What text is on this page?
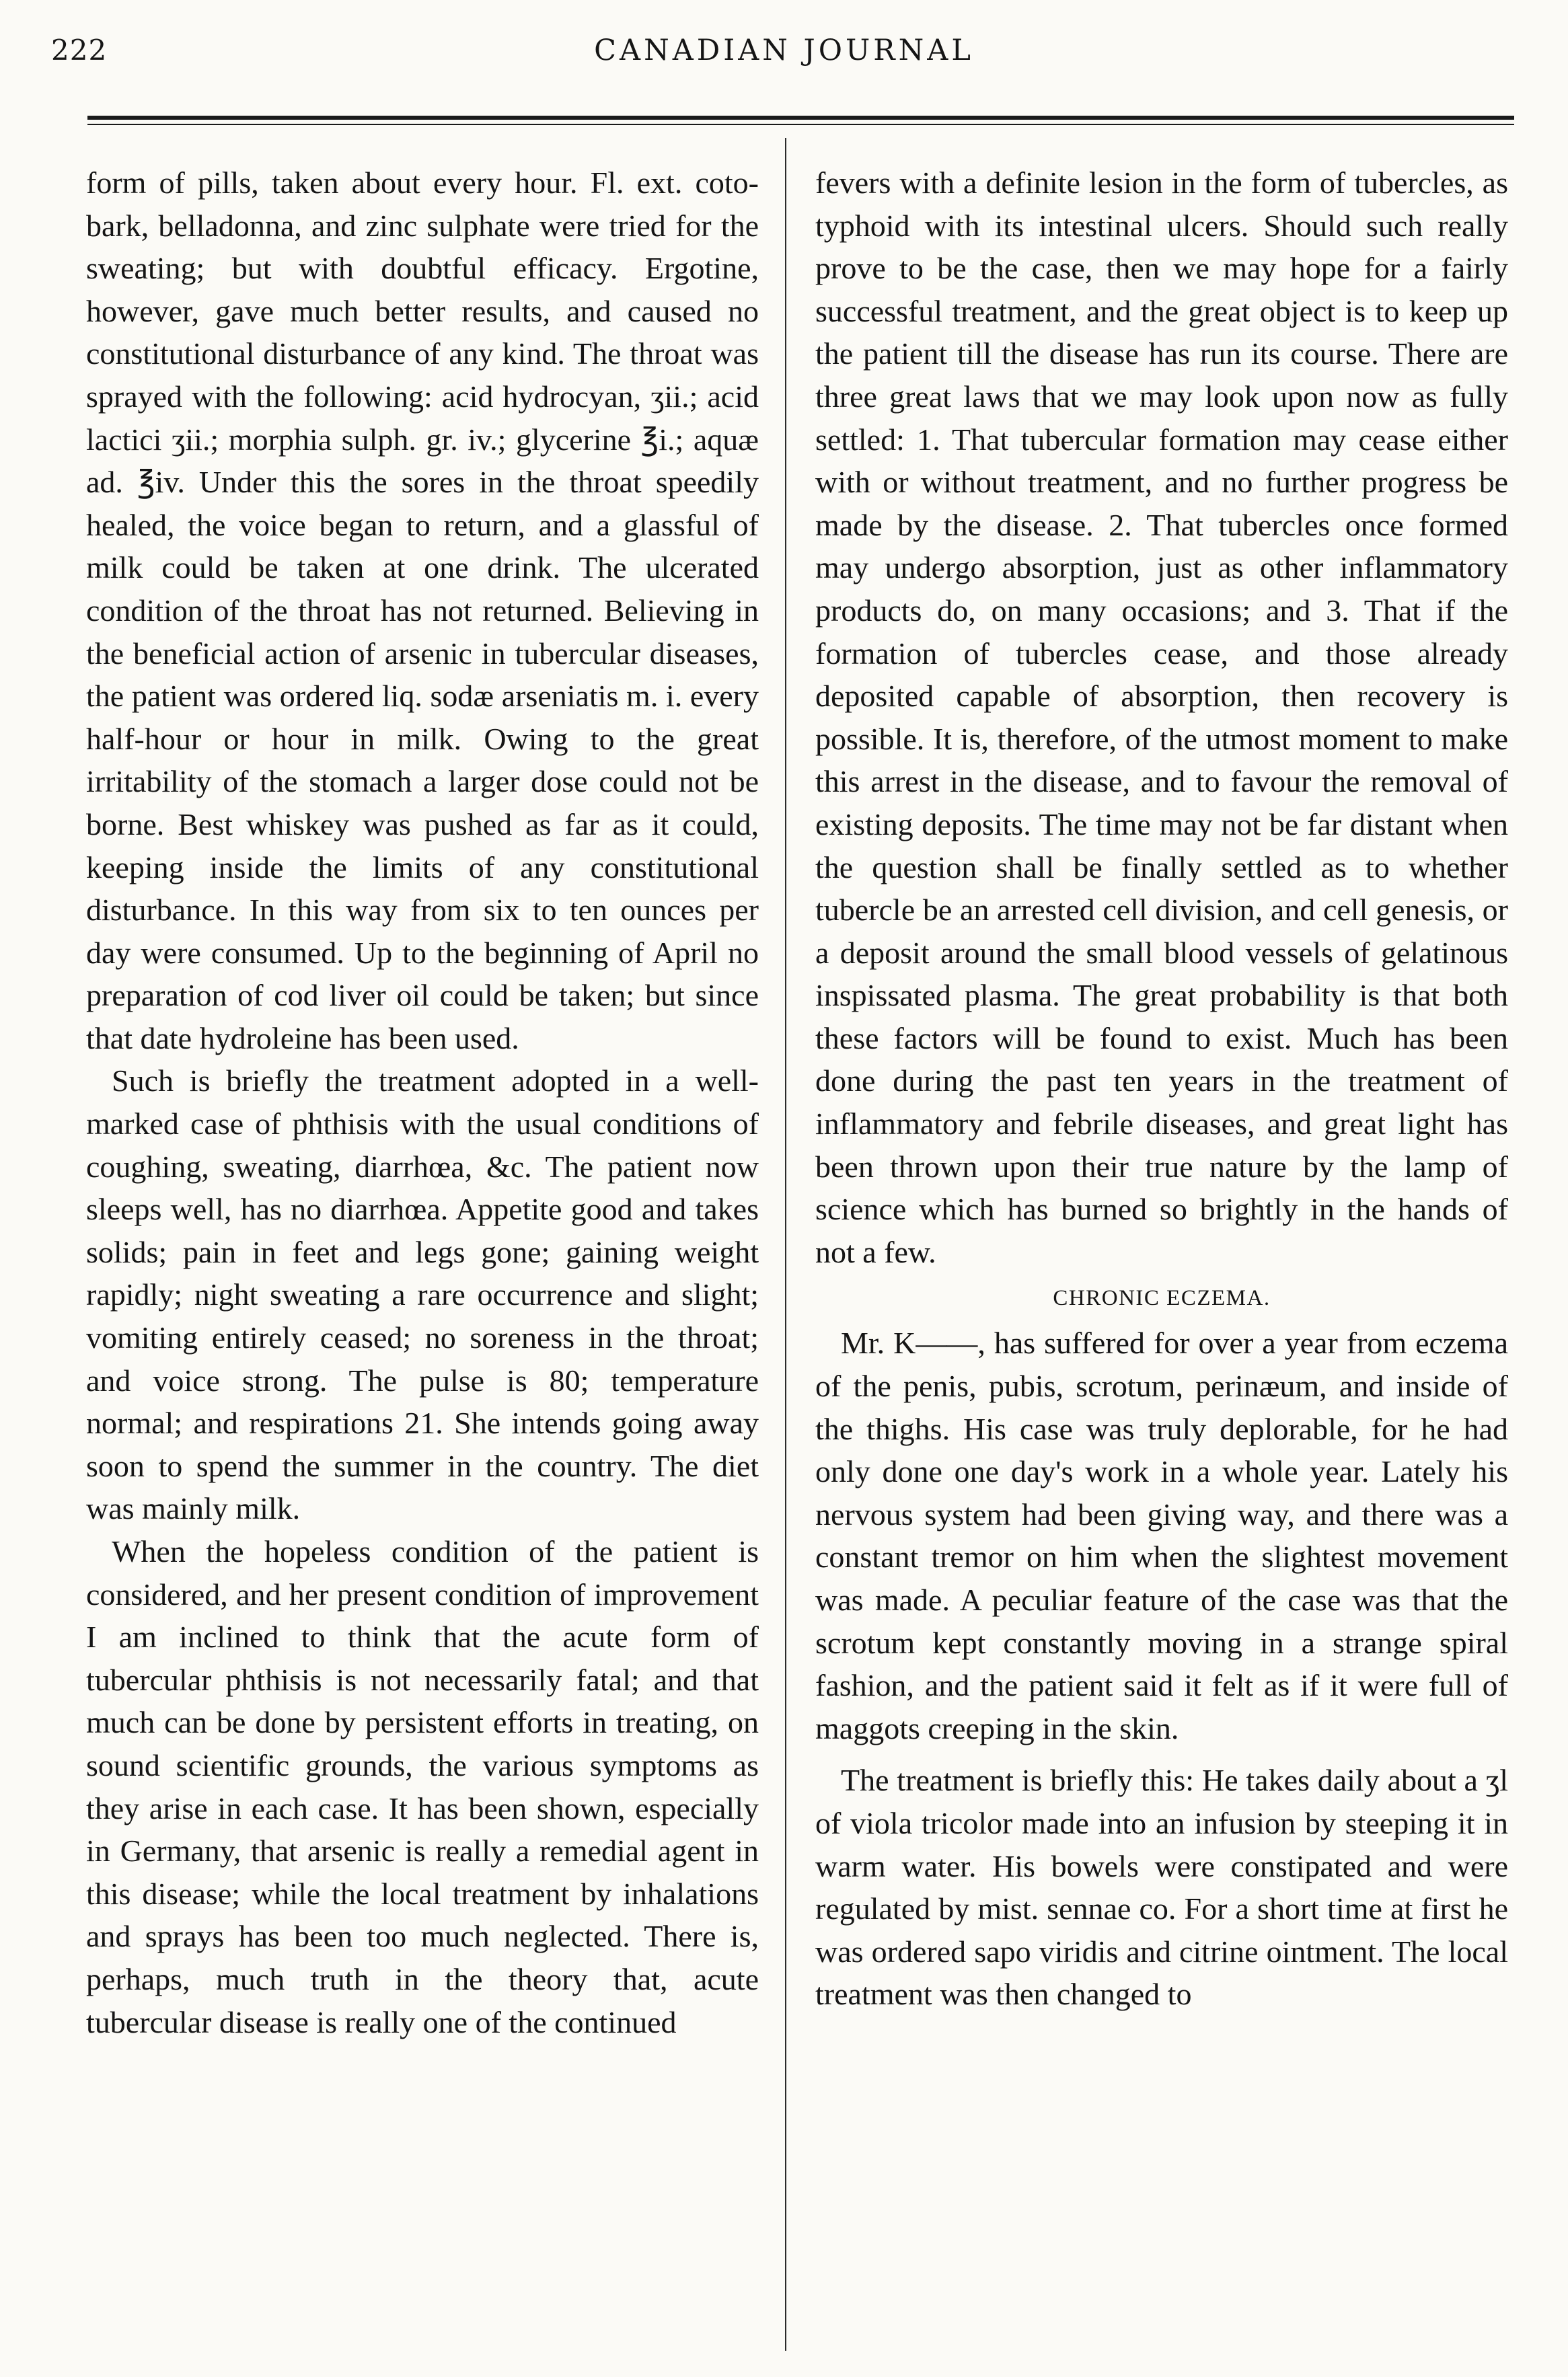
222	CANADIAN JOURNAL

form of pills, taken about every hour. Fl. ext. coto-bark, belladonna, and zinc sulphate were tried for the sweating; but with doubtful efficacy. Ergotine, however, gave much better results, and caused no constitutional disturbance of any kind. The throat was sprayed with the following: acid hydrocyan, ʒii.; acid lactici ʒii.; morphia sulph. gr. iv.; glycerine ℥i.; aquæ ad. ℥iv. Under this the sores in the throat speedily healed, the voice began to return, and a glassful of milk could be taken at one drink. The ulcerated condition of the throat has not returned. Believing in the beneficial action of arsenic in tubercular diseases, the patient was ordered liq. sodæ arseniatis m. i. every half-hour or hour in milk. Owing to the great irritability of the stomach a larger dose could not be borne. Best whiskey was pushed as far as it could, keeping inside the limits of any constitutional disturbance. In this way from six to ten ounces per day were consumed. Up to the beginning of April no preparation of cod liver oil could be taken; but since that date hydroleine has been used.

Such is briefly the treatment adopted in a well-marked case of phthisis with the usual conditions of coughing, sweating, diarrhœa, &c. The patient now sleeps well, has no diarrhœa. Appetite good and takes solids; pain in feet and legs gone; gaining weight rapidly; night sweating a rare occurrence and slight; vomiting entirely ceased; no soreness in the throat; and voice strong. The pulse is 80; temperature normal; and respirations 21. She intends going away soon to spend the summer in the country. The diet was mainly milk.

When the hopeless condition of the patient is considered, and her present condition of improvement I am inclined to think that the acute form of tubercular phthisis is not necessarily fatal; and that much can be done by persistent efforts in treating, on sound scientific grounds, the various symptoms as they arise in each case. It has been shown, especially in Germany, that arsenic is really a remedial agent in this disease; while the local treatment by inhalations and sprays has been too much neglected. There is, perhaps, much truth in the theory that, acute tubercular disease is really one of the continued

fevers with a definite lesion in the form of tubercles, as typhoid with its intestinal ulcers. Should such really prove to be the case, then we may hope for a fairly successful treatment, and the great object is to keep up the patient till the disease has run its course. There are three great laws that we may look upon now as fully settled: 1. That tubercular formation may cease either with or without treatment, and no further progress be made by the disease. 2. That tubercles once formed may undergo absorption, just as other inflammatory products do, on many occasions; and 3. That if the formation of tubercles cease, and those already deposited capable of absorption, then recovery is possible. It is, therefore, of the utmost moment to make this arrest in the disease, and to favour the removal of existing deposits. The time may not be far distant when the question shall be finally settled as to whether tubercle be an arrested cell division, and cell genesis, or a deposit around the small blood vessels of gelatinous inspissated plasma. The great probability is that both these factors will be found to exist. Much has been done during the past ten years in the treatment of inflammatory and febrile diseases, and great light has been thrown upon their true nature by the lamp of science which has burned so brightly in the hands of not a few.

CHRONIC ECZEMA.

Mr. K——, has suffered for over a year from eczema of the penis, pubis, scrotum, perinæum, and inside of the thighs. His case was truly deplorable, for he had only done one day's work in a whole year. Lately his nervous system had been giving way, and there was a constant tremor on him when the slightest movement was made. A peculiar feature of the case was that the scrotum kept constantly moving in a strange spiral fashion, and the patient said it felt as if it were full of maggots creeping in the skin.

The treatment is briefly this: He takes daily about a ʒl of viola tricolor made into an infusion by steeping it in warm water. His bowels were constipated and were regulated by mist. sennae co. For a short time at first he was ordered sapo viridis and citrine ointment. The local treatment was then changed to
